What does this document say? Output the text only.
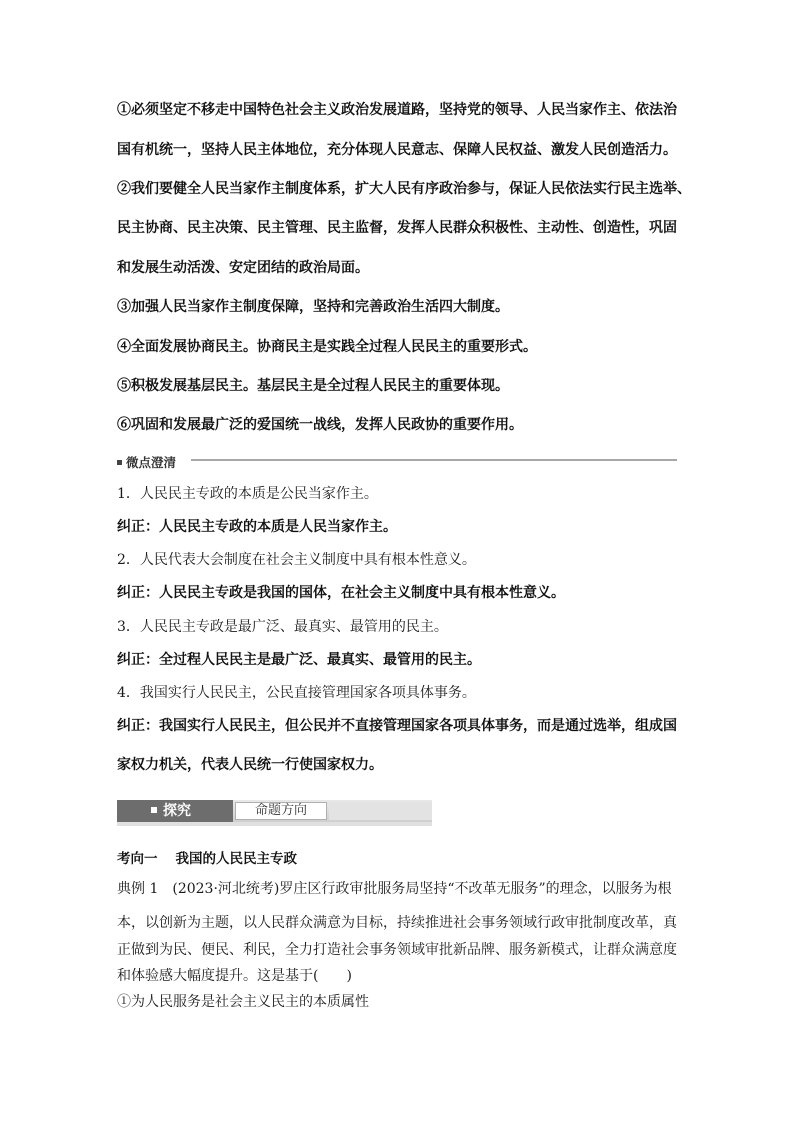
①必须坚定不移走中国特色社会主义政治发展道路，坚持党的领导、人民当家作主、依法治
国有机统一，坚持人民主体地位，充分体现人民意志、保障人民权益、激发人民创造活力。
②我们要健全人民当家作主制度体系，扩大人民有序政治参与，保证人民依法实行民主选举、
民主协商、民主决策、民主管理、民主监督，发挥人民群众积极性、主动性、创造性，巩固
和发展生动活泼、安定团结的政治局面。
③加强人民当家作主制度保障，坚持和完善政治生活四大制度。
④全面发展协商民主。协商民主是实践全过程人民民主的重要形式。
⑤积极发展基层民主。基层民主是全过程人民民主的重要体现。
⑥巩固和发展最广泛的爱国统一战线，发挥人民政协的重要作用。
微点澄清
1．人民民主专政的本质是公民当家作主。
纠正：人民民主专政的本质是人民当家作主。
2．人民代表大会制度在社会主义制度中具有根本性意义。
纠正：人民民主专政是我国的国体，在社会主义制度中具有根本性意义。
3．人民民主专政是最广泛、最真实、最管用的民主。
纠正：全过程人民民主是最广泛、最真实、最管用的民主。
4．我国实行人民民主，公民直接管理国家各项具体事务。
纠正：我国实行人民民主，但公民并不直接管理国家各项具体事务，而是通过选举，组成国
家权力机关，代表人民统一行使国家权力。
探究	命题方向
考向一 我国的人民民主专政
典例 1　(2023·河北统考)罗庄区行政审批服务局坚持“不改革无服务”的理念，以服务为根
本，以创新为主题，以人民群众满意为目标，持续推进社会事务领域行政审批制度改革，真
正做到为民、便民、利民，全力打造社会事务领域审批新品牌、服务新模式，让群众满意度
和体验感大幅度提升。这是基于(　　)
①为人民服务是社会主义民主的本质属性
